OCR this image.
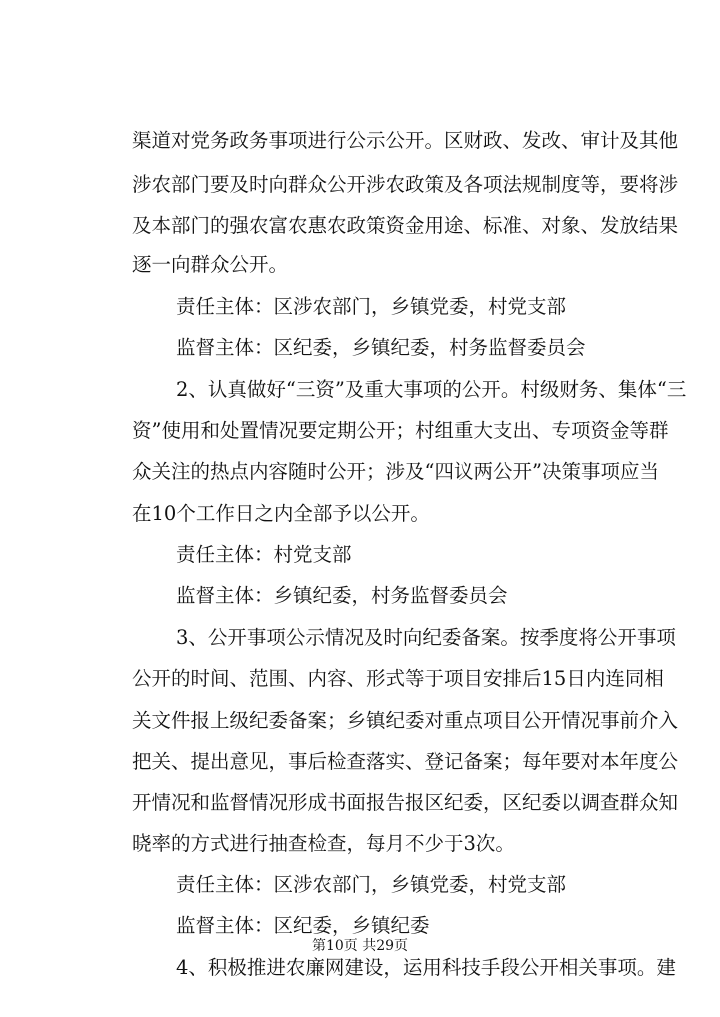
渠道对党务政务事项进行公示公开。区财政、发改、审计及其他
涉农部门要及时向群众公开涉农政策及各项法规制度等，要将涉
及本部门的强农富农惠农政策资金用途、标准、对象、发放结果
逐一向群众公开。
责任主体：区涉农部门，乡镇党委，村党支部
监督主体：区纪委，乡镇纪委，村务监督委员会
2、认真做好“三资”及重大事项的公开。村级财务、集体“三
资”使用和处置情况要定期公开；村组重大支出、专项资金等群
众关注的热点内容随时公开；涉及“四议两公开”决策事项应当
在10个工作日之内全部予以公开。
责任主体：村党支部
监督主体：乡镇纪委，村务监督委员会
3、公开事项公示情况及时向纪委备案。按季度将公开事项
公开的时间、范围、内容、形式等于项目安排后15日内连同相
关文件报上级纪委备案；乡镇纪委对重点项目公开情况事前介入
把关、提出意见，事后检查落实、登记备案；每年要对本年度公
开情况和监督情况形成书面报告报区纪委，区纪委以调查群众知
晓率的方式进行抽查检查，每月不少于3次。
责任主体：区涉农部门，乡镇党委，村党支部
监督主体：区纪委，乡镇纪委
4、积极推进农廉网建设，运用科技手段公开相关事项。建
第10页 共29页
